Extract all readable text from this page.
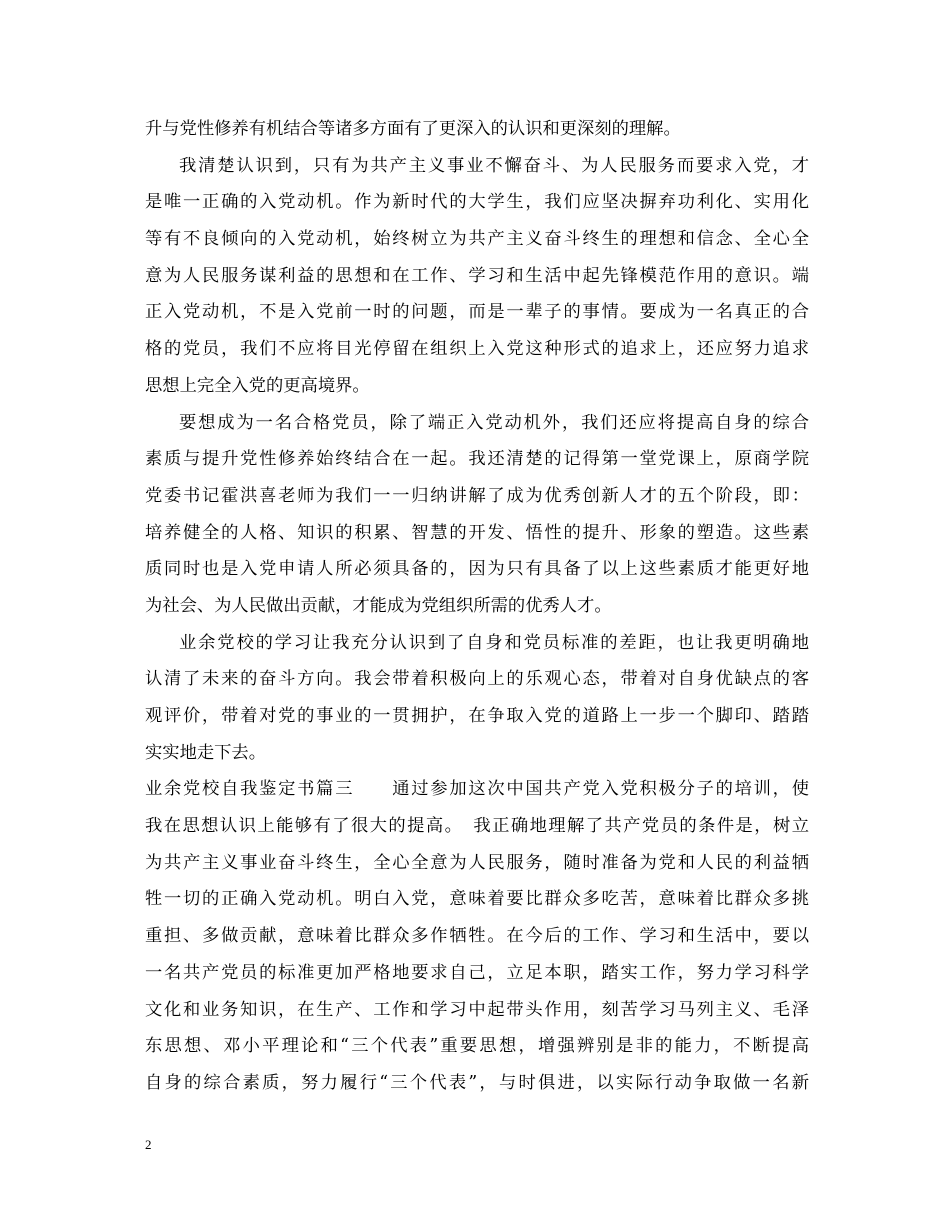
升与党性修养有机结合等诸多方面有了更深入的认识和更深刻的理解。
我清楚认识到，只有为共产主义事业不懈奋斗、为人民服务而要求入党，才
是唯一正确的入党动机。作为新时代的大学生，我们应坚决摒弃功利化、实用化
等有不良倾向的入党动机，始终树立为共产主义奋斗终生的理想和信念、全心全
意为人民服务谋利益的思想和在工作、学习和生活中起先锋模范作用的意识。端
正入党动机，不是入党前一时的问题，而是一辈子的事情。要成为一名真正的合
格的党员，我们不应将目光停留在组织上入党这种形式的追求上，还应努力追求
思想上完全入党的更高境界。
要想成为一名合格党员，除了端正入党动机外，我们还应将提高自身的综合
素质与提升党性修养始终结合在一起。我还清楚的记得第一堂党课上，原商学院
党委书记霍洪喜老师为我们一一归纳讲解了成为优秀创新人才的五个阶段，即：
培养健全的人格、知识的积累、智慧的开发、悟性的提升、形象的塑造。这些素
质同时也是入党申请人所必须具备的，因为只有具备了以上这些素质才能更好地
为社会、为人民做出贡献，才能成为党组织所需的优秀人才。
业余党校的学习让我充分认识到了自身和党员标准的差距，也让我更明确地
认清了未来的奋斗方向。我会带着积极向上的乐观心态，带着对自身优缺点的客
观评价，带着对党的事业的一贯拥护，在争取入党的道路上一步一个脚印、踏踏
实实地走下去。
业余党校自我鉴定书篇三　　通过参加这次中国共产党入党积极分子的培训，使
我在思想认识上能够有了很大的提高。　我正确地理解了共产党员的条件是，树立
为共产主义事业奋斗终生，全心全意为人民服务，随时准备为党和人民的利益牺
牲一切的正确入党动机。明白入党，意味着要比群众多吃苦，意味着比群众多挑
重担、多做贡献，意味着比群众多作牺牲。在今后的工作、学习和生活中，要以
一名共产党员的标准更加严格地要求自己，立足本职，踏实工作，努力学习科学
文化和业务知识，在生产、工作和学习中起带头作用，刻苦学习马列主义、毛泽
东思想、邓小平理论和“三个代表”重要思想，增强辨别是非的能力，不断提高
自身的综合素质，努力履行“三个代表”，与时俱进，以实际行动争取做一名新
2
